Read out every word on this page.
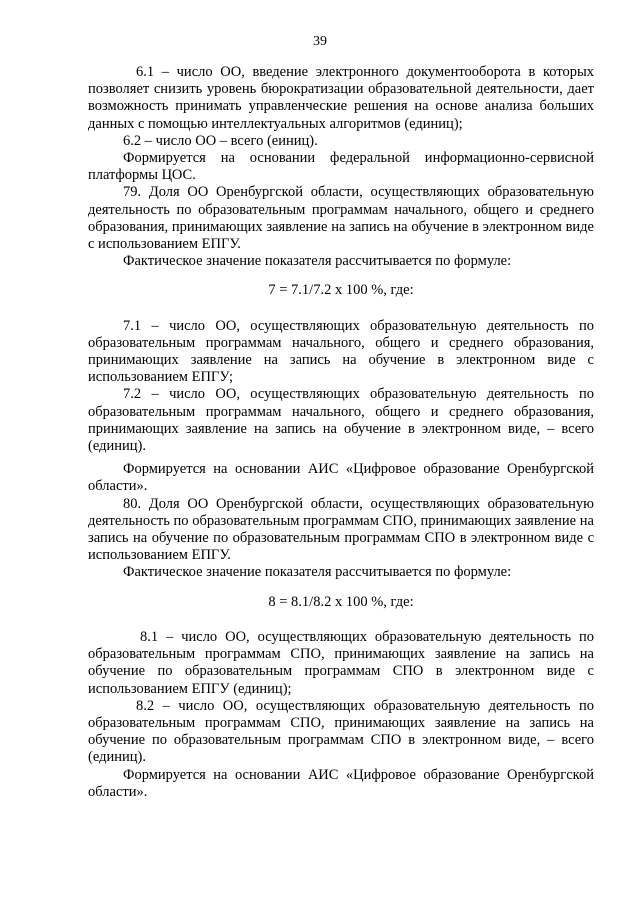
39

6.1 – число ОО, введение электронного документооборота в которых позволяет снизить уровень бюрократизации образовательной деятельности, дает возможность принимать управленческие решения на основе анализа больших данных с помощью интеллектуальных алгоритмов (единиц);

6.2 – число ОО – всего (еиниц).

Формируется на основании федеральной информационно-сервисной платформы ЦОС.

79. Доля ОО Оренбургской области, осуществляющих образовательную деятельность по образовательным программам начального, общего и среднего образования, принимающих заявление на запись на обучение в электронном виде с использованием ЕПГУ.

Фактическое значение показателя рассчитывается по формуле:

7 = 7.1/7.2 х 100 %, где:

7.1 – число ОО, осуществляющих образовательную деятельность по образовательным программам начального, общего и среднего образования, принимающих заявление на запись на обучение в электронном виде с использованием ЕПГУ;

7.2 – число ОО, осуществляющих образовательную деятельность по образовательным программам начального, общего и среднего образования, принимающих заявление на запись на обучение в электронном виде, – всего (единиц).

Формируется на основании АИС «Цифровое образование Оренбургской области».

80. Доля ОО Оренбургской области, осуществляющих образовательную деятельность по образовательным программам СПО, принимающих заявление на запись на обучение по образовательным программам СПО в электронном виде с использованием ЕПГУ.

Фактическое значение показателя рассчитывается по формуле:

8 = 8.1/8.2 х 100 %, где:

8.1 – число ОО, осуществляющих образовательную деятельность по образовательным программам СПО, принимающих заявление на запись на обучение по образовательным программам СПО в электронном виде с использованием ЕПГУ (единиц);

8.2 – число ОО, осуществляющих образовательную деятельность по образовательным программам СПО, принимающих заявление на запись на обучение по образовательным программам СПО в электронном виде, – всего (единиц).

Формируется на основании АИС «Цифровое образование Оренбургской области».
